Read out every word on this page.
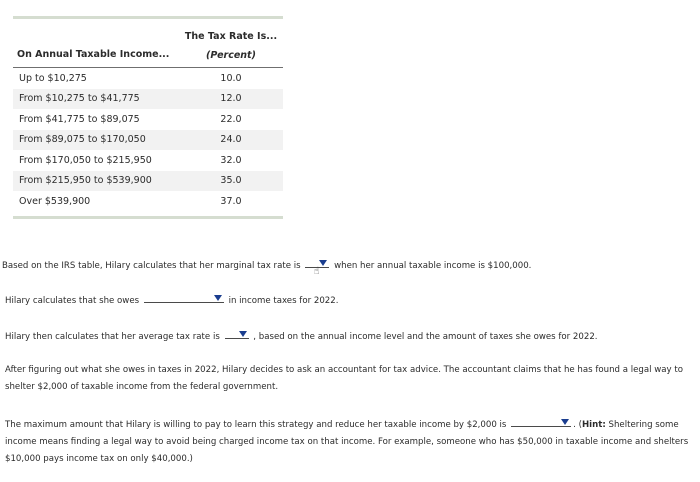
On Annual Taxable Income...
The Tax Rate Is...
(Percent)
Up to $10,275	10.0
From $10,275 to $41,775	12.0
From $41,775 to $89,075	22.0
From $89,075 to $170,050	24.0
From $170,050 to $215,950	32.0
From $215,950 to $539,900	35.0
Over $539,900	37.0
Based on the IRS table, Hilary calculates that her marginal tax rate is ☝ when her annual taxable income is $100,000.
Hilary calculates that she owes	in income taxes for 2022.
Hilary then calculates that her average tax rate is	, based on the annual income level and the amount of taxes she owes for 2022.
After figuring out what she owes in taxes in 2022, Hilary decides to ask an accountant for tax advice. The accountant claims that he has found a legal way to shelter $2,000 of taxable income from the federal government.
The maximum amount that Hilary is willing to pay to learn this strategy and reduce her taxable income by $2,000 is	. (Hint: Sheltering some income means finding a legal way to avoid being charged income tax on that income. For example, someone who has $50,000 in taxable income and shelters $10,000 pays income tax on only $40,000.)
